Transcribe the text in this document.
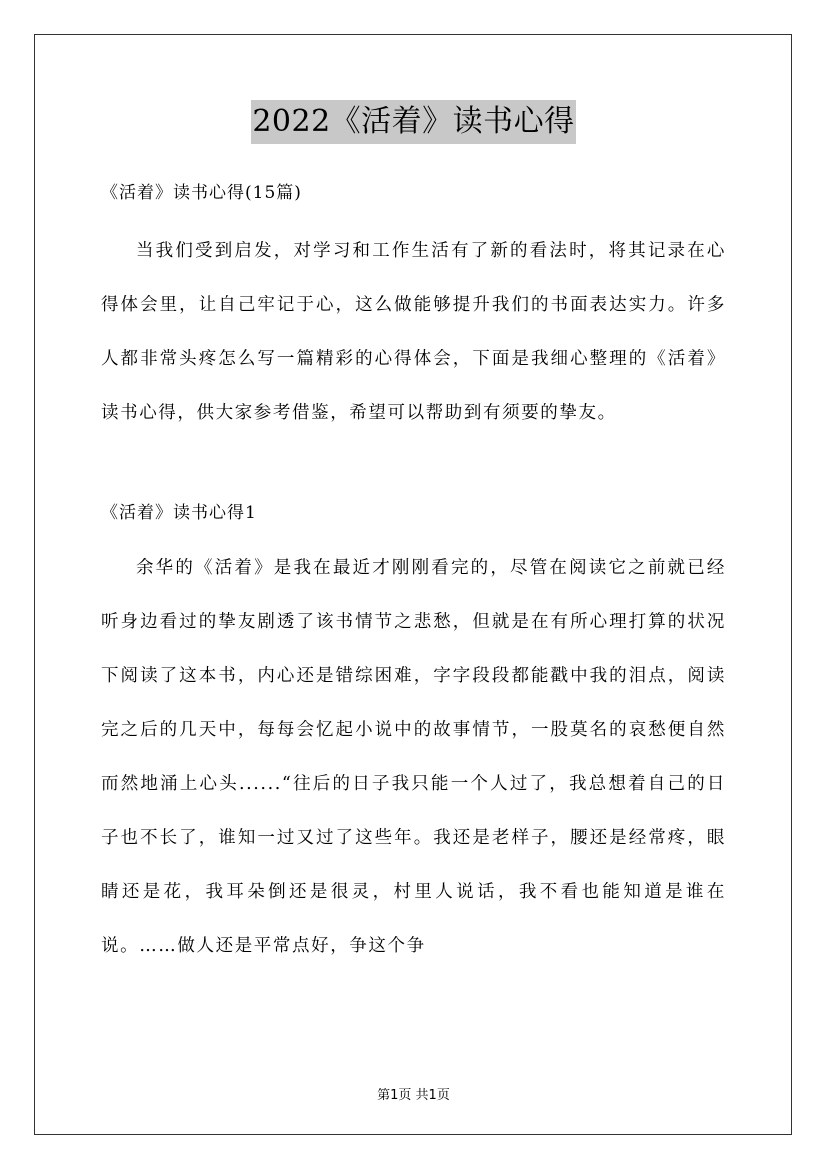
2022《活着》读书心得

《活着》读书心得(15篇)

当我们受到启发，对学习和工作生活有了新的看法时，将其记录在心得体会里，让自己牢记于心，这么做能够提升我们的书面表达实力。许多人都非常头疼怎么写一篇精彩的心得体会，下面是我细心整理的《活着》读书心得，供大家参考借鉴，希望可以帮助到有须要的挚友。

《活着》读书心得1

余华的《活着》是我在最近才刚刚看完的，尽管在阅读它之前就已经听身边看过的挚友剧透了该书情节之悲愁，但就是在有所心理打算的状况下阅读了这本书，内心还是错综困难，字字段段都能戳中我的泪点，阅读完之后的几天中，每每会忆起小说中的故事情节，一股莫名的哀愁便自然而然地涌上心头......“往后的日子我只能一个人过了，我总想着自己的日子也不长了，谁知一过又过了这些年。我还是老样子，腰还是经常疼，眼睛还是花，我耳朵倒还是很灵，村里人说话，我不看也能知道是谁在说。……做人还是平常点好，争这个争

第1页 共1页
